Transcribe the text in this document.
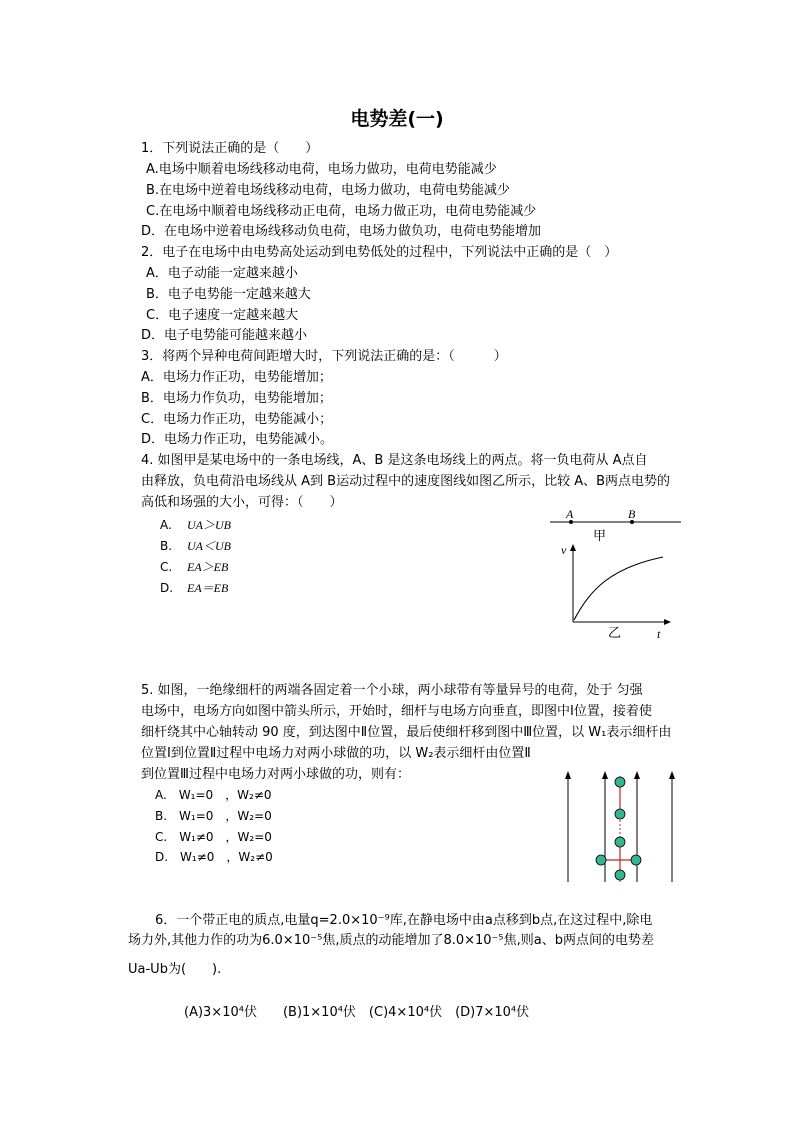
电势差(一)
1．下列说法正确的是（　　）
A.电场中顺着电场线移动电荷，电场力做功，电荷电势能减少
B.在电场中逆着电场线移动电荷，电场力做功，电荷电势能减少
C.在电场中顺着电场线移动正电荷，电场力做正功，电荷电势能减少
D．在电场中逆着电场线移动负电荷，电场力做负功，电荷电势能增加
2．电子在电场中由电势高处运动到电势低处的过程中，下列说法中正确的是（　）
A．电子动能一定越来越小
B．电子电势能一定越来越大
C．电子速度一定越来越大
D．电子电势能可能越来越小
3．将两个异种电荷间距增大时，下列说法正确的是：（　　　）
A．电场力作正功，电势能增加；
B．电场力作负功，电势能增加；
C．电场力作正功，电势能减小；
D．电场力作正功，电势能减小。
4. 如图甲是某电场中的一条电场线，A、B 是这条电场线上的两点。将一负电荷从 A点自
由释放，负电荷沿电场线从 A到 B运动过程中的速度图线如图乙所示，比较 A、B两点电势的
高低和场强的大小，可得：（　　）
A. UA＞UB
B. UA＜UB
C. EA＞EB
D. EA＝EB
A	B
甲
v
t
乙
5. 如图，一绝缘细杆的两端各固定着一个小球，两小球带有等量异号的电荷，处于 匀强
电场中，电场方向如图中箭头所示，开始时，细杆与电场方向垂直，即图中Ⅰ位置，接着使
细杆绕其中心轴转动 90 度，到达图中Ⅱ位置，最后使细杆移到图中Ⅲ位置，以 W₁表示细杆由
位置Ⅰ到位置Ⅱ过程中电场力对两小球做的功，以 W₂表示细杆由位置Ⅱ
到位置Ⅲ过程中电场力对两小球做的功，则有：
A.　W₁=0　，W₂≠0
B.　W₁=0　，W₂=0
C.　W₁≠0　，W₂=0
D.　W₁≠0　，W₂≠0
6．一个带正电的质点,电量q=2.0×10⁻⁹库,在静电场中由a点移到b点,在这过程中,除电
场力外,其他力作的功为6.0×10⁻⁵焦,质点的动能增加了8.0×10⁻⁵焦,则a、b两点间的电势差
Ua-Ub为(　　).
(A)3×10⁴伏　　(B)1×10⁴伏　(C)4×10⁴伏　(D)7×10⁴伏
